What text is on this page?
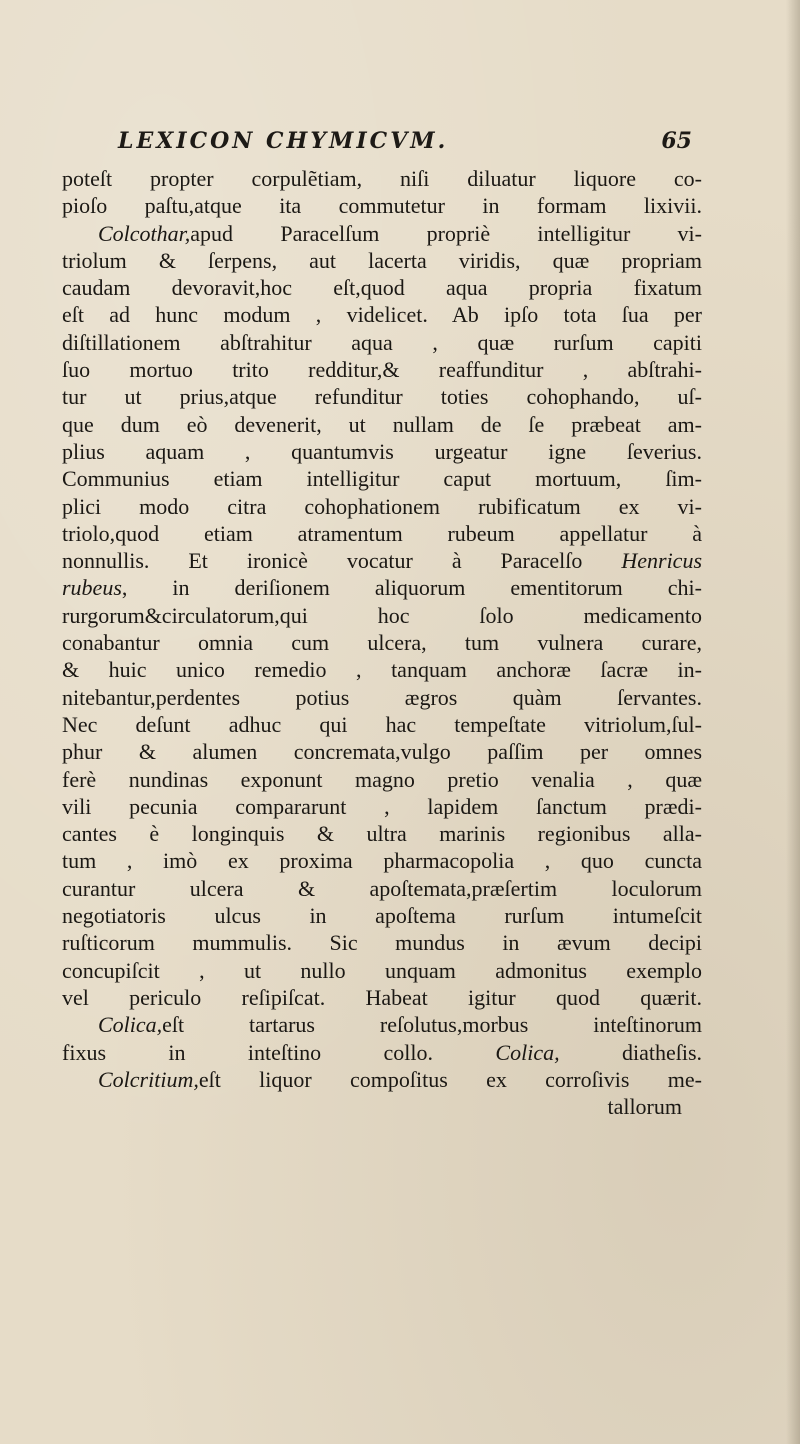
LEXICON CHYMICVM.	65
poteſt propter corpulẽtiam, niſi diluatur liquore co-
pioſo paſtu,atque ita commutetur in formam lixivii.
Colcothar,apud Paracelſum propriè intelligitur vi-
triolum & ſerpens, aut lacerta viridis, quæ propriam
caudam devoravit,hoc eſt,quod aqua propria fixatum
eſt ad hunc modum , videlicet. Ab ipſo tota ſua per
diſtillationem abſtrahitur aqua , quæ rurſum capiti
ſuo mortuo trito redditur,& reaffunditur , abſtrahi-
tur ut prius,atque refunditur toties cohophando, uſ-
que dum eò devenerit, ut nullam de ſe præbeat am-
plius aquam , quantumvis urgeatur igne ſeverius.
Communius etiam intelligitur caput mortuum, ſim-
plici modo citra cohophationem rubificatum ex vi-
triolo,quod etiam atramentum rubeum appellatur à
nonnullis. Et ironicè vocatur à Paracelſo Henricus
rubeus, in deriſionem aliquorum ementitorum chi-
rurgorum&circulatorum,qui hoc ſolo medicamento
conabantur omnia cum ulcera, tum vulnera curare,
& huic unico remedio , tanquam anchoræ ſacræ in-
nitebantur,perdentes potius ægros quàm ſervantes.
Nec deſunt adhuc qui hac tempeſtate vitriolum,ſul-
phur & alumen concremata,vulgo paſſim per omnes
ferè nundinas exponunt magno pretio venalia , quæ
vili pecunia compararunt , lapidem ſanctum prædi-
cantes è longinquis & ultra marinis regionibus alla-
tum , imò ex proxima pharmacopolia , quo cuncta
curantur ulcera & apoſtemata,præſertim loculorum
negotiatoris ulcus in apoſtema rurſum intumeſcit
ruſticorum mummulis. Sic mundus in ævum decipi
concupiſcit , ut nullo unquam admonitus exemplo
vel periculo reſipiſcat. Habeat igitur quod quærit.
Colica,eſt tartarus reſolutus,morbus inteſtinorum
fixus in inteſtino collo.	Colica,	diatheſis.
Colcritium,eſt liquor compoſitus ex corroſivis me-
tallorum
